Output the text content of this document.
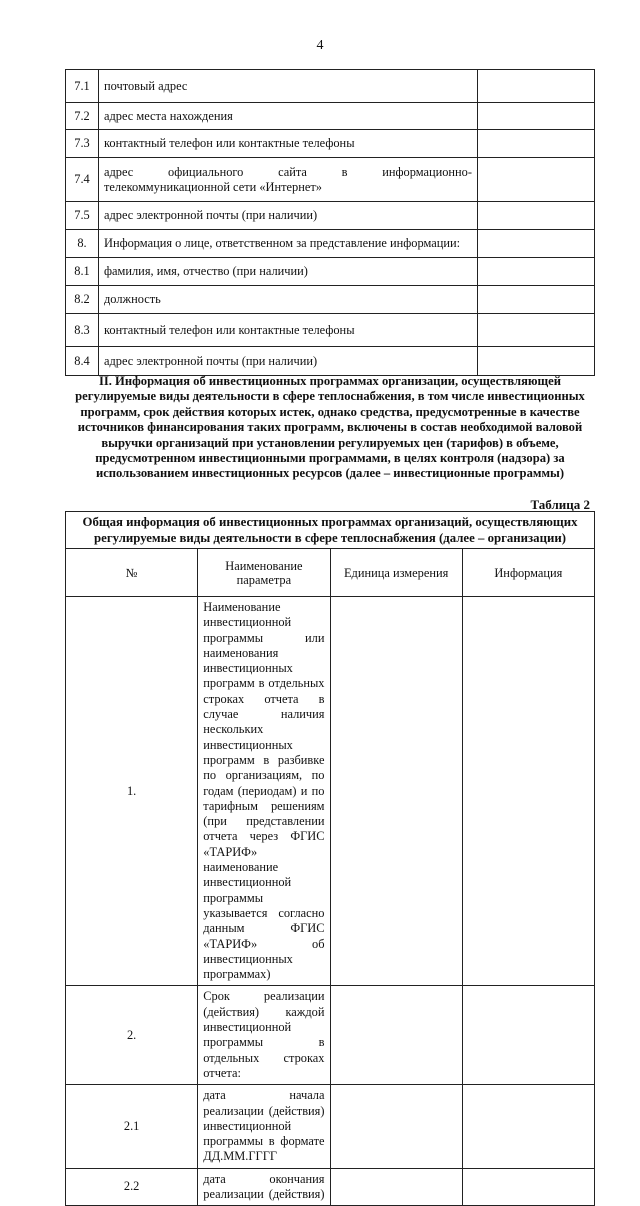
4
7.1	почтовый адрес	
7.2	адрес места нахождения	
7.3	контактный телефон или контактные телефоны	
7.4	адрес официального сайта в информационно-
телекоммуникационной сети «Интернет»	

7.5	адрес электронной почты (при наличии)	
8.	Информация о лице, ответственном за представление информации:	
8.1	фамилия, имя, отчество (при наличии)	
8.2	должность	
8.3	контактный телефон или контактные телефоны	
8.4	адрес электронной почты (при наличии)	
II. Информация об инвестиционных программах организации, осуществляющей регулируемые виды деятельности в сфере теплоснабжения, в том числе инвестиционных программ, срок действия которых истек, однако средства, предусмотренные в качестве источников финансирования таких программ, включены в состав необходимой валовой выручки организаций при установлении регулируемых цен (тарифов) в объеме, предусмотренном инвестиционными программами, в целях контроля (надзора) за использованием инвестиционных ресурсов (далее – инвестиционные программы)
Таблица 2
Общая информация об инвестиционных программах организаций, осуществляющих регулируемые виды деятельности в сфере теплоснабжения (далее – организации)			
№	Наименование параметра	Единица измерения	Информация
1.	Наименование инвестиционной программы или наименования инвестиционных программ в отдельных строках отчета в случае наличия нескольких инвестиционных программ в разбивке по организациям, по годам (периодам) и по тарифным решениям (при представлении отчета через ФГИС «ТАРИФ» наименование инвестиционной программы указывается согласно данным ФГИС «ТАРИФ» об инвестиционных программах)		
2.	Срок реализации (действия) каждой инвестиционной программы в отдельных строках отчета:		
2.1	дата начала реализации (действия) инвестиционной программы в формате ДД.ММ.ГГГГ		
2.2	дата окончания реализации (действия)		
